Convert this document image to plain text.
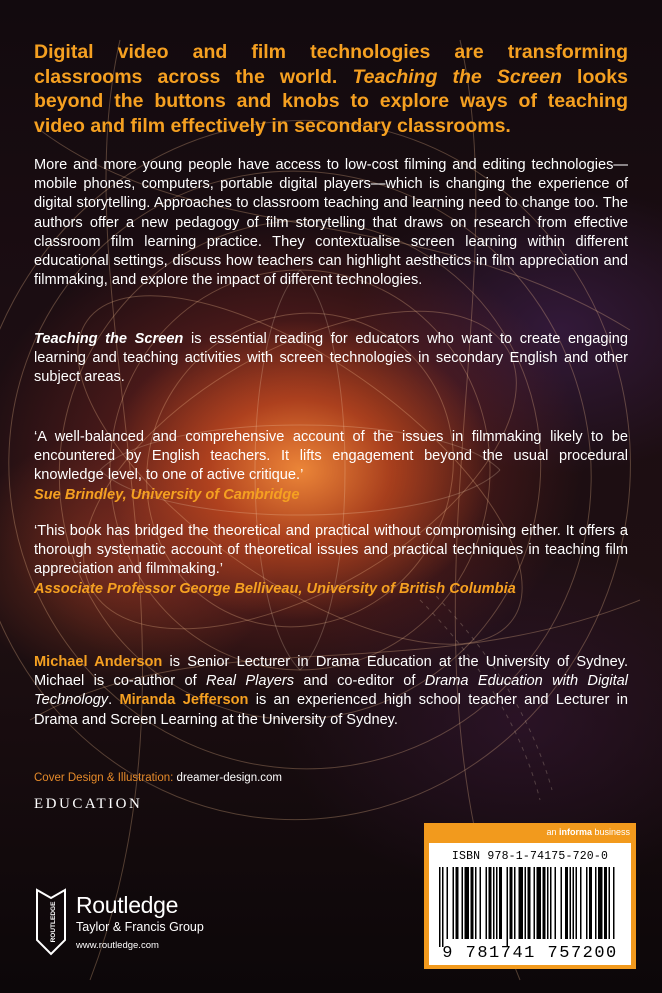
Digital video and film technologies are transforming classrooms across the world. Teaching the Screen looks beyond the buttons and knobs to explore ways of teaching video and film effectively in secondary classrooms.
More and more young people have access to low-cost filming and editing technologies—mobile phones, computers, portable digital players—which is changing the experience of digital storytelling. Approaches to classroom teaching and learning need to change too. The authors offer a new pedagogy of film storytelling that draws on research from effective classroom film learning practice. They contextualise screen learning within different educational settings, discuss how teachers can highlight aesthetics in film appreciation and filmmaking, and explore the impact of different technologies.
Teaching the Screen is essential reading for educators who want to create engaging learning and teaching activities with screen technologies in secondary English and other subject areas.
‘A well-balanced and comprehensive account of the issues in filmmaking likely to be encountered by English teachers. It lifts engagement beyond the usual procedural knowledge level, to one of active critique.’
Sue Brindley, University of Cambridge
‘This book has bridged the theoretical and practical without compromising either. It offers a thorough systematic account of theoretical issues and practical techniques in teaching film appreciation and filmmaking.’
Associate Professor George Belliveau, University of British Columbia
Michael Anderson is Senior Lecturer in Drama Education at the University of Sydney. Michael is co-author of Real Players and co-editor of Drama Education with Digital Technology. Miranda Jefferson is an experienced high school teacher and Lecturer in Drama and Screen Learning at the University of Sydney.
Cover Design & Illustration: dreamer-design.com
EDUCATION
ROUTLEDGE Routledge
Taylor & Francis Group
www.routledge.com
an informa business
ISBN 978-1-74175-720-0
9 781741 757200
